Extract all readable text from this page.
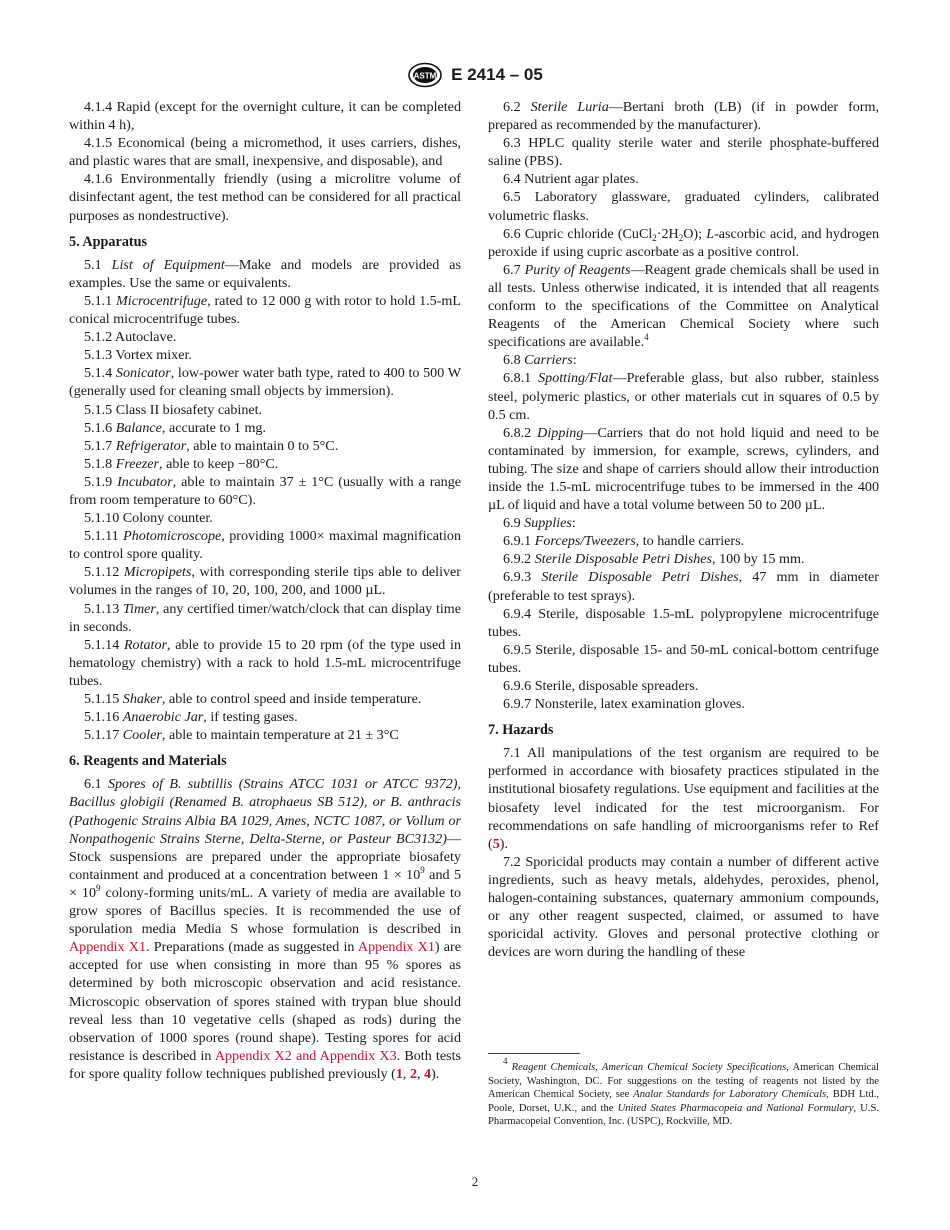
ASTM E 2414 – 05

4.1.4 Rapid (except for the overnight culture, it can be completed within 4 h),

4.1.5 Economical (being a micromethod, it uses carriers, dishes, and plastic wares that are small, inexpensive, and disposable), and

4.1.6 Environmentally friendly (using a microlitre volume of disinfectant agent, the test method can be considered for all practical purposes as nondestructive).

5. Apparatus

5.1 List of Equipment—Make and models are provided as examples. Use the same or equivalents.

5.1.1 Microcentrifuge, rated to 12 000 g with rotor to hold 1.5-mL conical microcentrifuge tubes.

5.1.2 Autoclave.

5.1.3 Vortex mixer.

5.1.4 Sonicator, low-power water bath type, rated to 400 to 500 W (generally used for cleaning small objects by immersion).

5.1.5 Class II biosafety cabinet.

5.1.6 Balance, accurate to 1 mg.

5.1.7 Refrigerator, able to maintain 0 to 5°C.

5.1.8 Freezer, able to keep −80°C.

5.1.9 Incubator, able to maintain 37 ± 1°C (usually with a range from room temperature to 60°C).

5.1.10 Colony counter.

5.1.11 Photomicroscope, providing 1000× maximal magnification to control spore quality.

5.1.12 Micropipets, with corresponding sterile tips able to deliver volumes in the ranges of 10, 20, 100, 200, and 1000 µL.

5.1.13 Timer, any certified timer/watch/clock that can display time in seconds.

5.1.14 Rotator, able to provide 15 to 20 rpm (of the type used in hematology chemistry) with a rack to hold 1.5-mL microcentrifuge tubes.

5.1.15 Shaker, able to control speed and inside temperature.

5.1.16 Anaerobic Jar, if testing gases.

5.1.17 Cooler, able to maintain temperature at 21 ± 3°C

6. Reagents and Materials

6.1 Spores of B. subtillis (Strains ATCC 1031 or ATCC 9372), Bacillus globigii (Renamed B. atrophaeus SB 512), or B. anthracis (Pathogenic Strains Albia BA 1029, Ames, NCTC 1087, or Vollum or Nonpathogenic Strains Sterne, Delta-Sterne, or Pasteur BC3132)—Stock suspensions are prepared under the appropriate biosafety containment and produced at a concentration between $1 \times 10^9$ and $5 \times 10^9$ colony-forming units/mL. A variety of media are available to grow spores of Bacillus species. It is recommended the use of sporulation media Media S whose formulation is described in Appendix X1. Preparations (made as suggested in Appendix X1) are accepted for use when consisting in more than 95 % spores as determined by both microscopic observation and acid resistance. Microscopic observation of spores stained with trypan blue should reveal less than 10 vegetative cells (shaped as rods) during the observation of 1000 spores (round shape). Testing spores for acid resistance is described in Appendix X2 and Appendix X3. Both tests for spore quality follow techniques published previously (1, 2, 4).

6.2 Sterile Luria—Bertani broth (LB) (if in powder form, prepared as recommended by the manufacturer).

6.3 HPLC quality sterile water and sterile phosphate-buffered saline (PBS).

6.4 Nutrient agar plates.

6.5 Laboratory glassware, graduated cylinders, calibrated volumetric flasks.

6.6 Cupric chloride $(CuCl_2\cdot 2H_2O)$; L-ascorbic acid, and hydrogen peroxide if using cupric ascorbate as a positive control.

6.7 Purity of Reagents—Reagent grade chemicals shall be used in all tests. Unless otherwise indicated, it is intended that all reagents conform to the specifications of the Committee on Analytical Reagents of the American Chemical Society where such specifications are available.$^4$

6.8 Carriers:

6.8.1 Spotting/Flat—Preferable glass, but also rubber, stainless steel, polymeric plastics, or other materials cut in squares of 0.5 by 0.5 cm.

6.8.2 Dipping—Carriers that do not hold liquid and need to be contaminated by immersion, for example, screws, cylinders, and tubing. The size and shape of carriers should allow their introduction inside the 1.5-mL microcentrifuge tubes to be immersed in the 400 µL of liquid and have a total volume between 50 to 200 µL.

6.9 Supplies:

6.9.1 Forceps/Tweezers, to handle carriers.

6.9.2 Sterile Disposable Petri Dishes, 100 by 15 mm.

6.9.3 Sterile Disposable Petri Dishes, 47 mm in diameter (preferable to test sprays).

6.9.4 Sterile, disposable 1.5-mL polypropylene microcentrifuge tubes.

6.9.5 Sterile, disposable 15- and 50-mL conical-bottom centrifuge tubes.

6.9.6 Sterile, disposable spreaders.

6.9.7 Nonsterile, latex examination gloves.

7. Hazards

7.1 All manipulations of the test organism are required to be performed in accordance with biosafety practices stipulated in the institutional biosafety regulations. Use equipment and facilities at the biosafety level indicated for the test microorganism. For recommendations on safe handling of microorganisms refer to Ref (5).

7.2 Sporicidal products may contain a number of different active ingredients, such as heavy metals, aldehydes, peroxides, phenol, halogen-containing substances, quaternary ammonium compounds, or any other reagent suspected, claimed, or assumed to have sporicidal activity. Gloves and personal protective clothing or devices are worn during the handling of these

$^4$ Reagent Chemicals, American Chemical Society Specifications, American Chemical Society, Washington, DC. For suggestions on the testing of reagents not listed by the American Chemical Society, see Analar Standards for Laboratory Chemicals, BDH Ltd., Poole, Dorset, U.K., and the United States Pharmacopeia and National Formulary, U.S. Pharmacopeial Convention, Inc. (USPC), Rockville, MD.

2
